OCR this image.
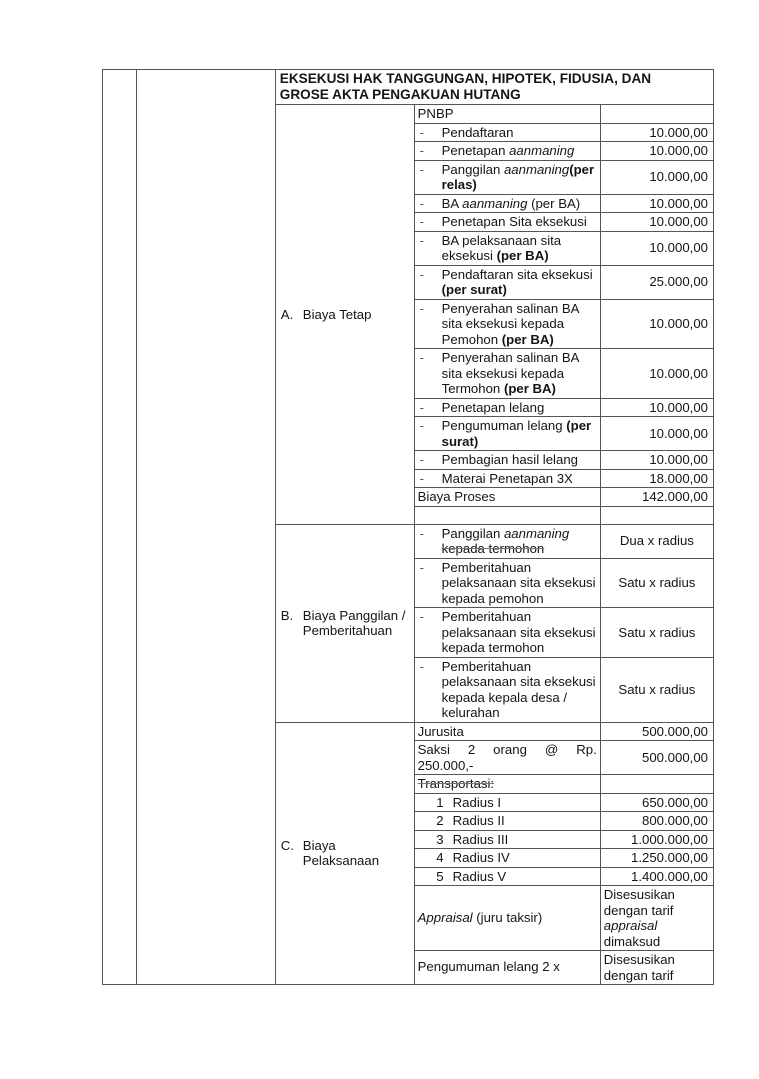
		EKSEKUSI HAK TANGGUNGAN, HIPOTEK, FIDUSIA, DAN
GROSE AKTA PENGAKUAN HUTANG		

		A. Biaya Tetap	PNBP	

			- Pendaftaran	10.000,00

			- Penetapan aanmaning	10.000,00

			- Panggilan aanmaning(per relas)	10.000,00

			- BA aanmaning (per BA)	10.000,00

			- Penetapan Sita eksekusi	10.000,00

			- BA pelaksanaan sita eksekusi (per BA)	10.000,00

			- Pendaftaran sita eksekusi (per surat)	25.000,00

			- Penyerahan salinan BA sita eksekusi kepada Pemohon (per BA)	10.000,00

			- Penyerahan salinan BA sita eksekusi kepada Termohon (per BA)	10.000,00

			- Penetapan lelang	10.000,00

			- Pengumuman lelang (per surat)	10.000,00

			- Pembagian hasil lelang	10.000,00

			- Materai Penetapan 3X	18.000,00
			Biaya Proses	142.000,00

		B. Biaya Panggilan / Pemberitahuan	- Panggilan aanmaning kepada termohon	Dua x radius

			- Pemberitahuan pelaksanaan sita eksekusi kepada pemohon	Satu x radius

			- Pemberitahuan pelaksanaan sita eksekusi kepada termohon	Satu x radius

			- Pemberitahuan pelaksanaan sita eksekusi kepada kepala desa / kelurahan	Satu x radius

		C. Biaya Pelaksanaan	Jurusita	500.000,00
			Saksi 2 orang @ Rp. 250.000,-	500.000,00
			Transportasi:	

			1 Radius I	650.000,00

			2 Radius II	800.000,00

			3 Radius III	1.000.000,00

			4 Radius IV	1.250.000,00

			5 Radius V	1.400.000,00
			Appraisal (juru taksir)	Disesusikan dengan tarif appraisal dimaksud
			Pengumuman lelang 2 x	Disesusikan dengan tarif
